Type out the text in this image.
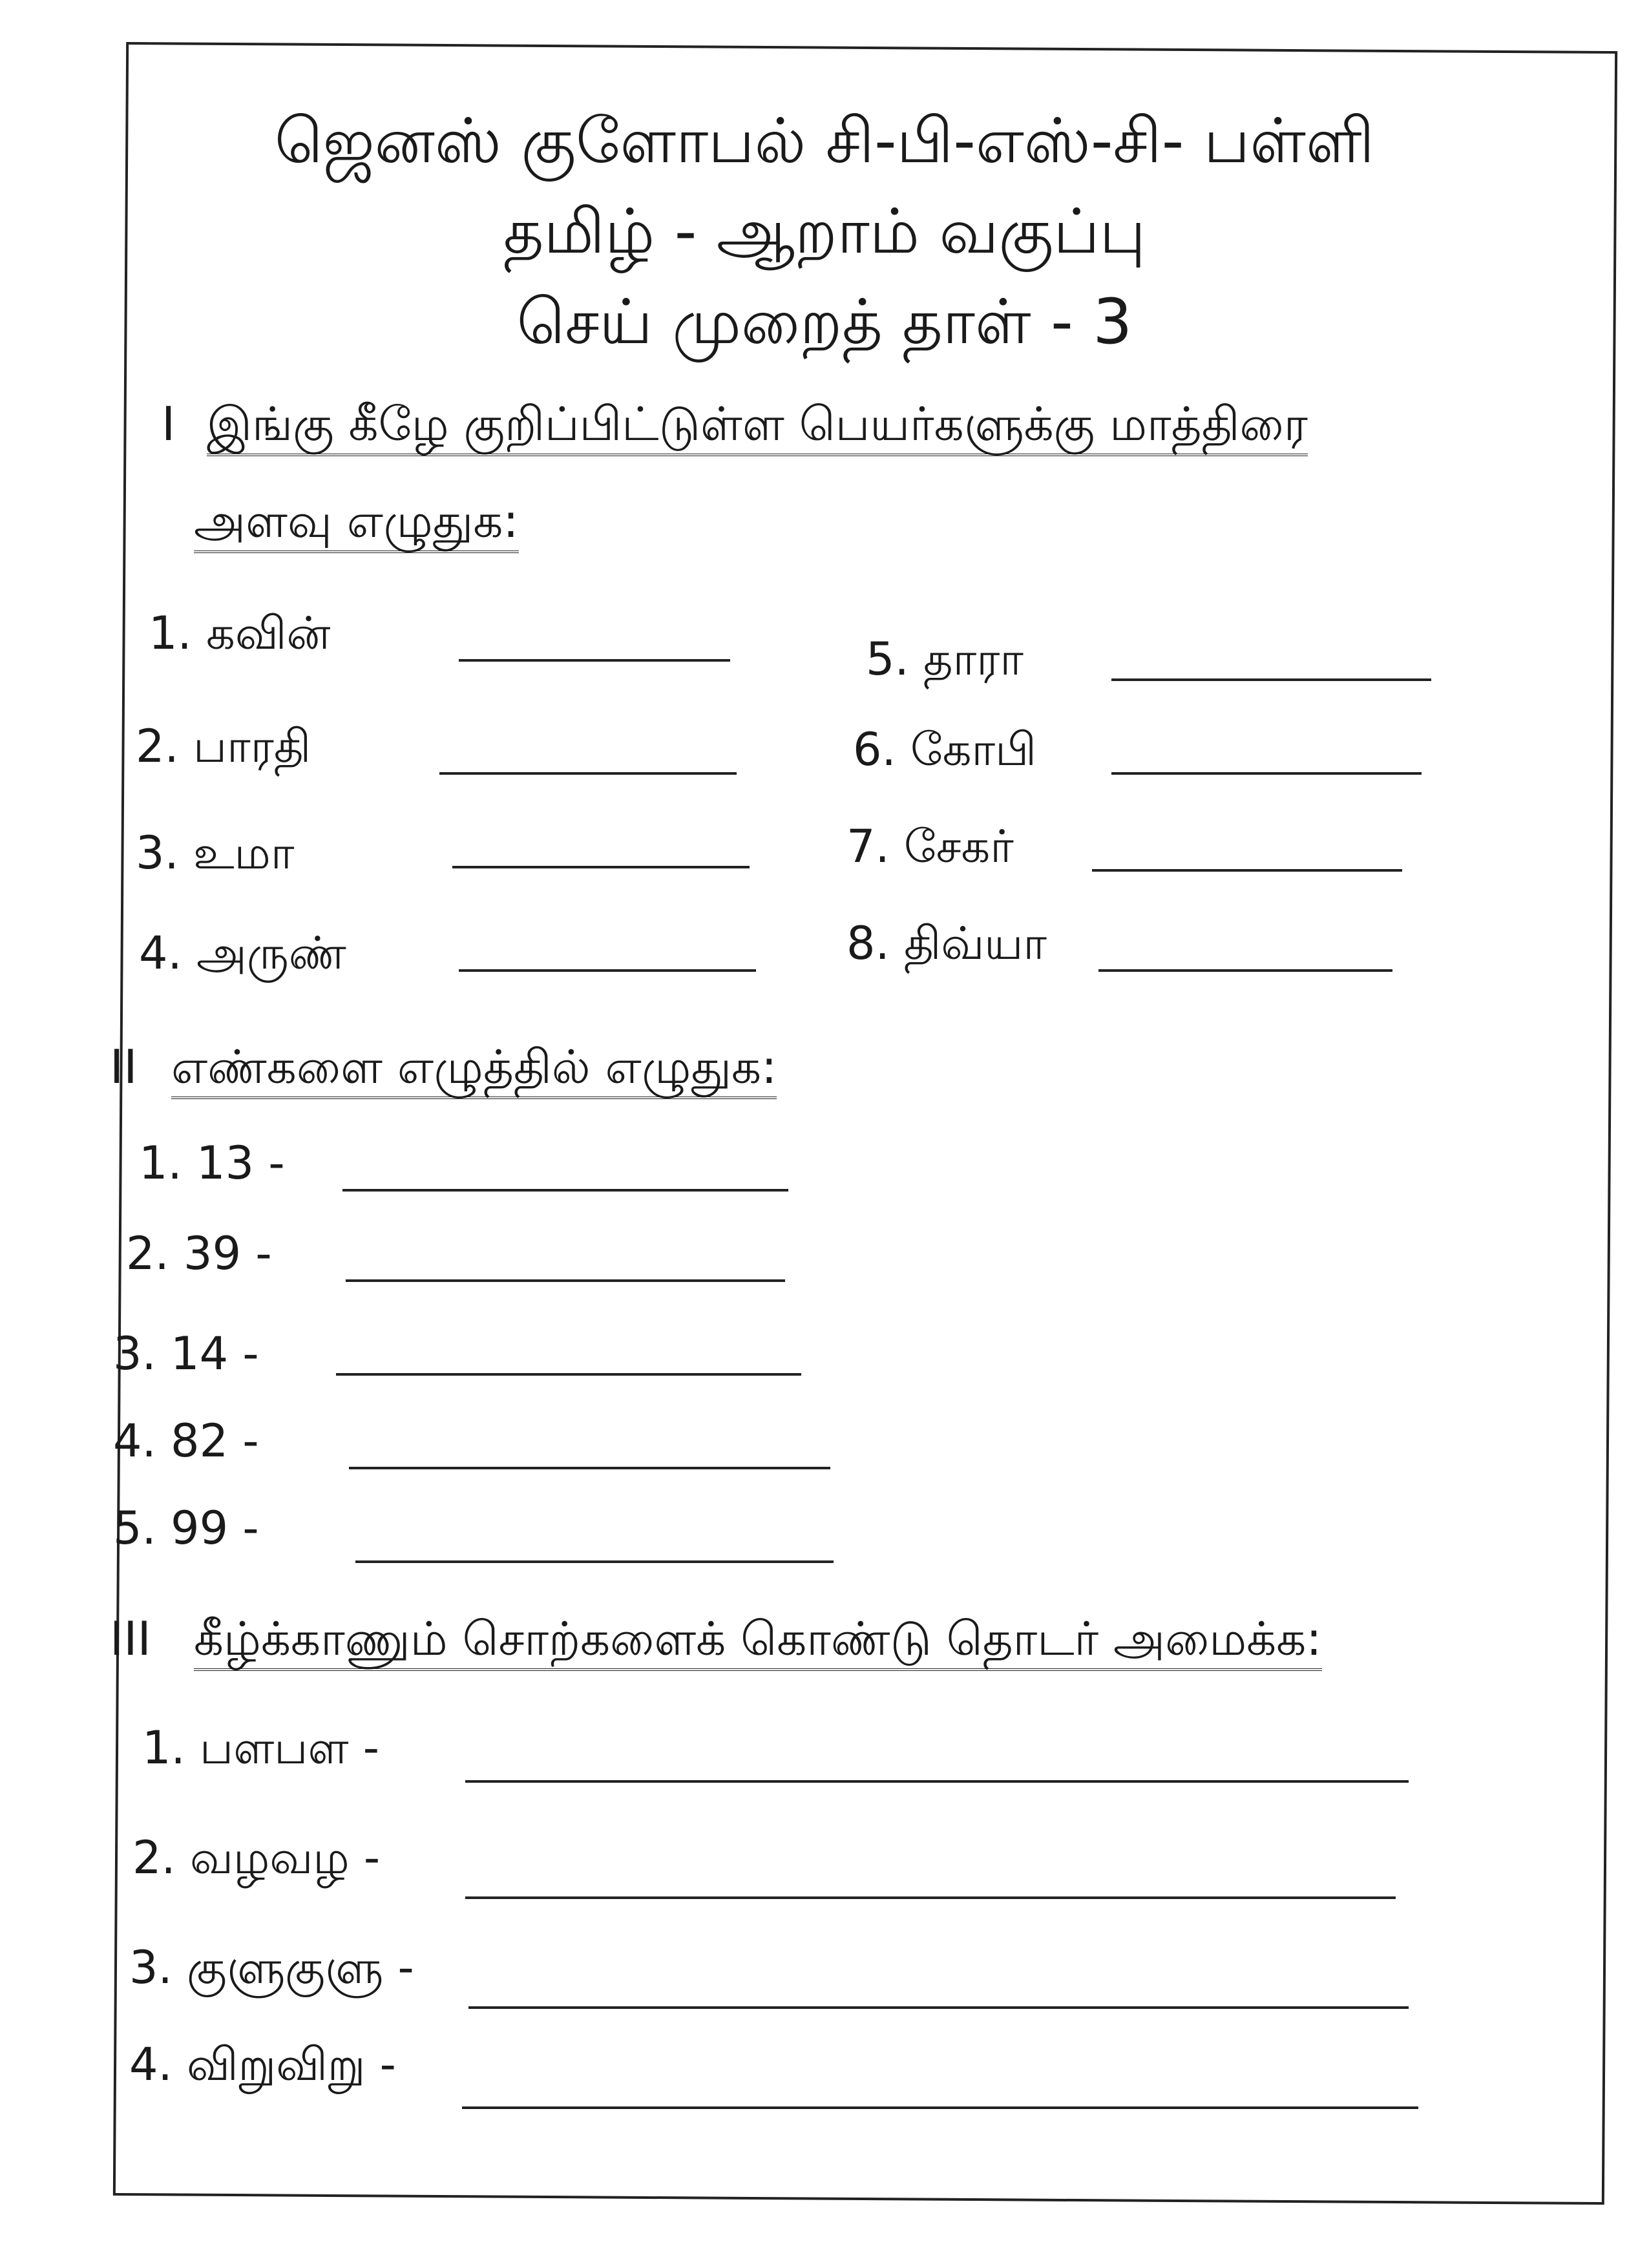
ஜெனஸ் குளோபல் சி-பி-எஸ்-சி- பள்ளி
தமிழ் - ஆறாம் வகுப்பு
செய் முறைத் தாள் - 3
I இங்கு கீழே குறிப்பிட்டுள்ள பெயர்களுக்கு மாத்திரை
அளவு எழுதுக:
1. கவின்
2. பாரதி
3. உமா
4. அருண்
5. தாரா
6. கோபி
7. சேகர்
8. திவ்யா
II எண்களை எழுத்தில் எழுதுக:
1. 13 -
2. 39 -
3. 14 -
4. 82 -
5. 99 -
III கீழ்க்காணும் சொற்களைக் கொண்டு தொடர் அமைக்க:
1. பளபள -
2. வழவழ -
3. குளுகுளு -
4. விறுவிறு -
